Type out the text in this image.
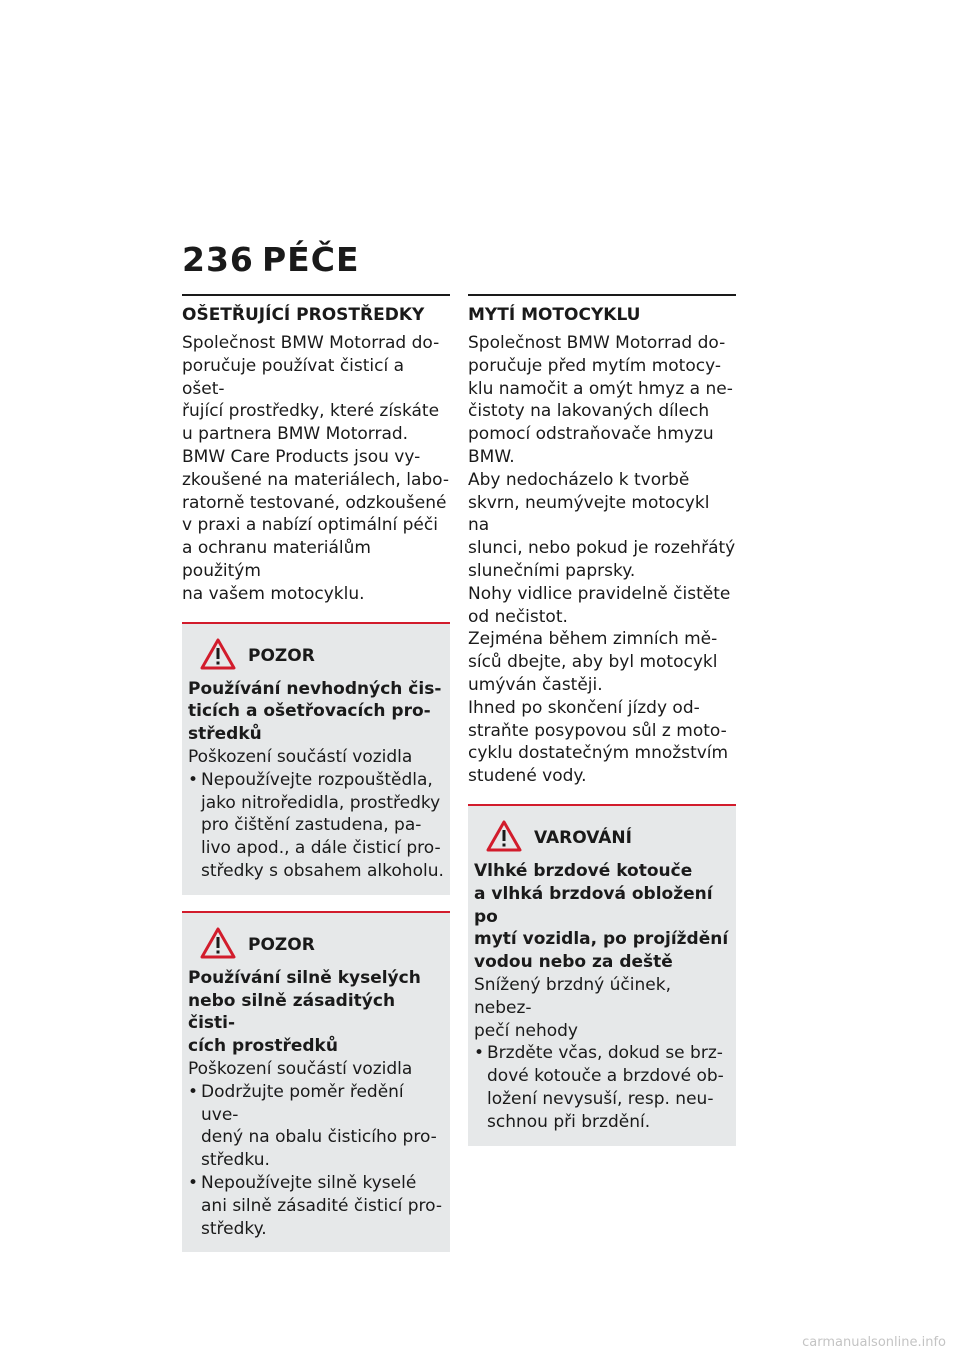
236 PÉČE
OŠETŘUJÍCÍ PROSTŘEDKY
Společnost BMW Motorrad do-
poručuje používat čisticí a ošet-
řující prostředky, které získáte
u partnera BMW Motorrad.
BMW Care Products jsou vy-
zkoušené na materiálech, labo-
ratorně testované, odzkoušené
v praxi a nabízí optimální péči
a ochranu materiálům použitým
na vašem motocyklu.
POZOR
Používání nevhodných čis-
ticích a ošetřovacích pro-
středků
Poškození součástí vozidla
• Nepoužívejte rozpouštědla,
jako nitroředidla, prostředky
pro čištění zastudena, pa-
livo apod., a dále čisticí pro-
středky s obsahem alkoholu.
POZOR
Používání silně kyselých
nebo silně zásaditých čisti-
cích prostředků
Poškození součástí vozidla
• Dodržujte poměr ředění uve-
dený na obalu čisticího pro-
středku.
• Nepoužívejte silně kyselé
ani silně zásadité čisticí pro-
středky.
MYTÍ MOTOCYKLU
Společnost BMW Motorrad do-
poručuje před mytím motocy-
klu namočit a omýt hmyz a ne-
čistoty na lakovaných dílech
pomocí odstraňovače hmyzu
BMW.
Aby nedocházelo k tvorbě
skvrn, neumývejte motocykl na
slunci, nebo pokud je rozehřátý
slunečními paprsky.
Nohy vidlice pravidelně čistěte
od nečistot.
Zejména během zimních mě-
síců dbejte, aby byl motocykl
umýván častěji.
Ihned po skončení jízdy od-
straňte posypovou sůl z moto-
cyklu dostatečným množstvím
studené vody.
VAROVÁNÍ
Vlhké brzdové kotouče
a vlhká brzdová obložení po
mytí vozidla, po projíždění
vodou nebo za deště
Snížený brzdný účinek, nebez-
pečí nehody
• Brzděte včas, dokud se brz-
dové kotouče a brzdové ob-
ložení nevysuší, resp. neu-
schnou při brzdění.
carmanualsonline.info
